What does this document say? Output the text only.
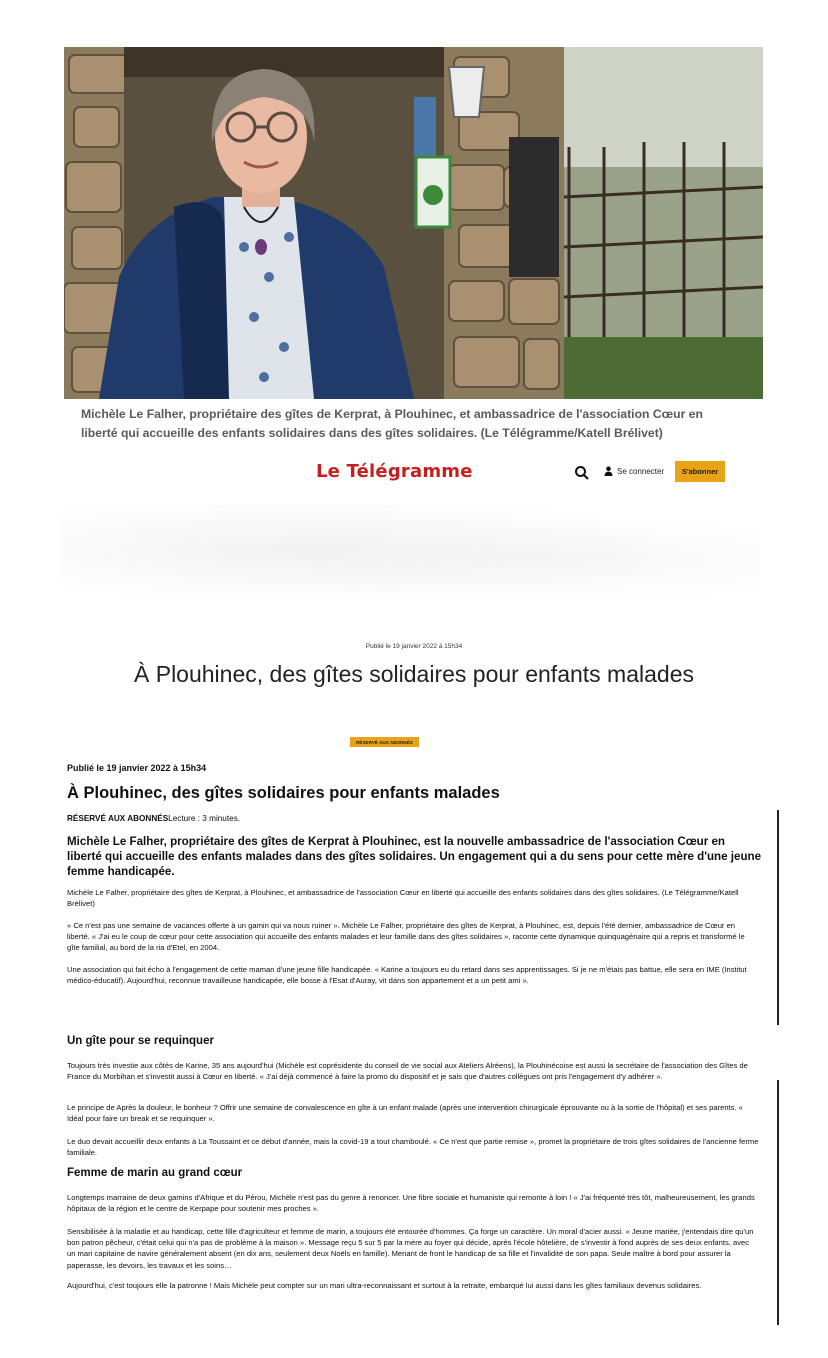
Michèle Le Falher, propriétaire des gîtes de Kerprat, à Plouhinec, et ambassadrice de l'association Cœur en liberté qui accueille des enfants solidaires dans des gîtes solidaires. (Le Télégramme/Katell Brélivet)
Le Télégramme	Se connecter	S'abonner
Publié le 19 janvier 2022 à 15h34
À Plouhinec, des gîtes solidaires pour enfants malades
RÉSERVÉ AUX ABONNÉS

Publié le 19 janvier 2022 à 15h34

À Plouhinec, des gîtes solidaires pour enfants malades

RÉSERVÉ AUX ABONNÉSLecture : 3 minutes.

Michèle Le Falher, propriétaire des gîtes de Kerprat à Plouhinec, est la nouvelle ambassadrice de l'association Cœur en liberté qui accueille des enfants malades dans des gîtes solidaires. Un engagement qui a du sens pour cette mère d'une jeune femme handicapée.

Michèle Le Falher, propriétaire des gîtes de Kerprat, à Plouhinec, et ambassadrice de l'association Cœur en liberté qui accueille des enfants solidaires dans des gîtes solidaires. (Le Télégramme/Katell Brélivet)

« Ce n'est pas une semaine de vacances offerte à un gamin qui va nous ruiner ». Michèle Le Falher, propriétaire des gîtes de Kerprat, à Plouhinec, est, depuis l'été dernier, ambassadrice de Cœur en liberté. « J'ai eu le coup de cœur pour cette association qui accueille des enfants malades et leur famille dans des gîtes solidaires », raconte cette dynamique quinquagénaire qui a repris et transformé le gîte familial, au bord de la ria d'Etel, en 2004.

Une association qui fait écho à l'engagement de cette maman d'une jeune fille handicapée. « Karine a toujours eu du retard dans ses apprentissages. Si je ne m'étais pas battue, elle sera en IME (Institut médico-éducatif). Aujourd'hui, reconnue travailleuse handicapée, elle bosse à l'Esat d'Auray, vit dans son appartement et a un petit ami ».

Un gîte pour se requinquer

Toujours très investie aux côtés de Karine, 35 ans aujourd'hui (Michèle est coprésidente du conseil de vie social aux Ateliers Alréens), la Plouhinécoise est aussi la secrétaire de l'association des Gîtes de France du Morbihan et s'investit aussi à Cœur en liberté. « J'ai déjà commencé à faire la promo du dispositif et je sais que d'autres collègues ont pris l'engagement d'y adhérer ».

Le principe de Après la douleur, le bonheur ? Offrir une semaine de convalescence en gîte à un enfant malade (après une intervention chirurgicale éprouvante ou à la sortie de l'hôpital) et ses parents. « Idéal pour faire un break et se requinquer ».

Le duo devait accueillir deux enfants à La Toussaint et ce début d'année, mais la covid-19 a tout chamboulé. « Ce n'est que partie remise », promet la propriétaire de trois gîtes solidaires de l'ancienne ferme familiale.

Femme de marin au grand cœur

Longtemps marraine de deux gamins d'Afrique et du Pérou, Michèle n'est pas du genre à renoncer. Une fibre sociale et humaniste qui remonte à loin ! « J'ai fréquenté très tôt, malheureusement, les grands hôpitaux de la région et le centre de Kerpape pour soutenir mes proches ».

Sensibilisée à la maladie et au handicap, cette fille d'agriculteur et femme de marin, a toujours été entourée d'hommes. Ça forge un caractère. Un moral d'acier aussi. « Jeune mariée, j'entendais dire qu'un bon patron pêcheur, c'était celui qui n'a pas de problème à la maison ». Message reçu 5 sur 5 par la mère au foyer qui décide, après l'école hôtelière, de s'investir à fond auprès de ses deux enfants, avec un mari capitaine de navire généralement absent (en dix ans, seulement deux Noëls en famille). Menant de front le handicap de sa fille et l'invalidité de son papa. Seule maître à bord pour assurer la paperasse, les devoirs, les travaux et les soins…

Aujourd'hui, c'est toujours elle la patronne ! Mais Michèle peut compter sur un mari ultra-reconnaissant et surtout à la retraite, embarqué lui aussi dans les gîtes familiaux devenus solidaires.
